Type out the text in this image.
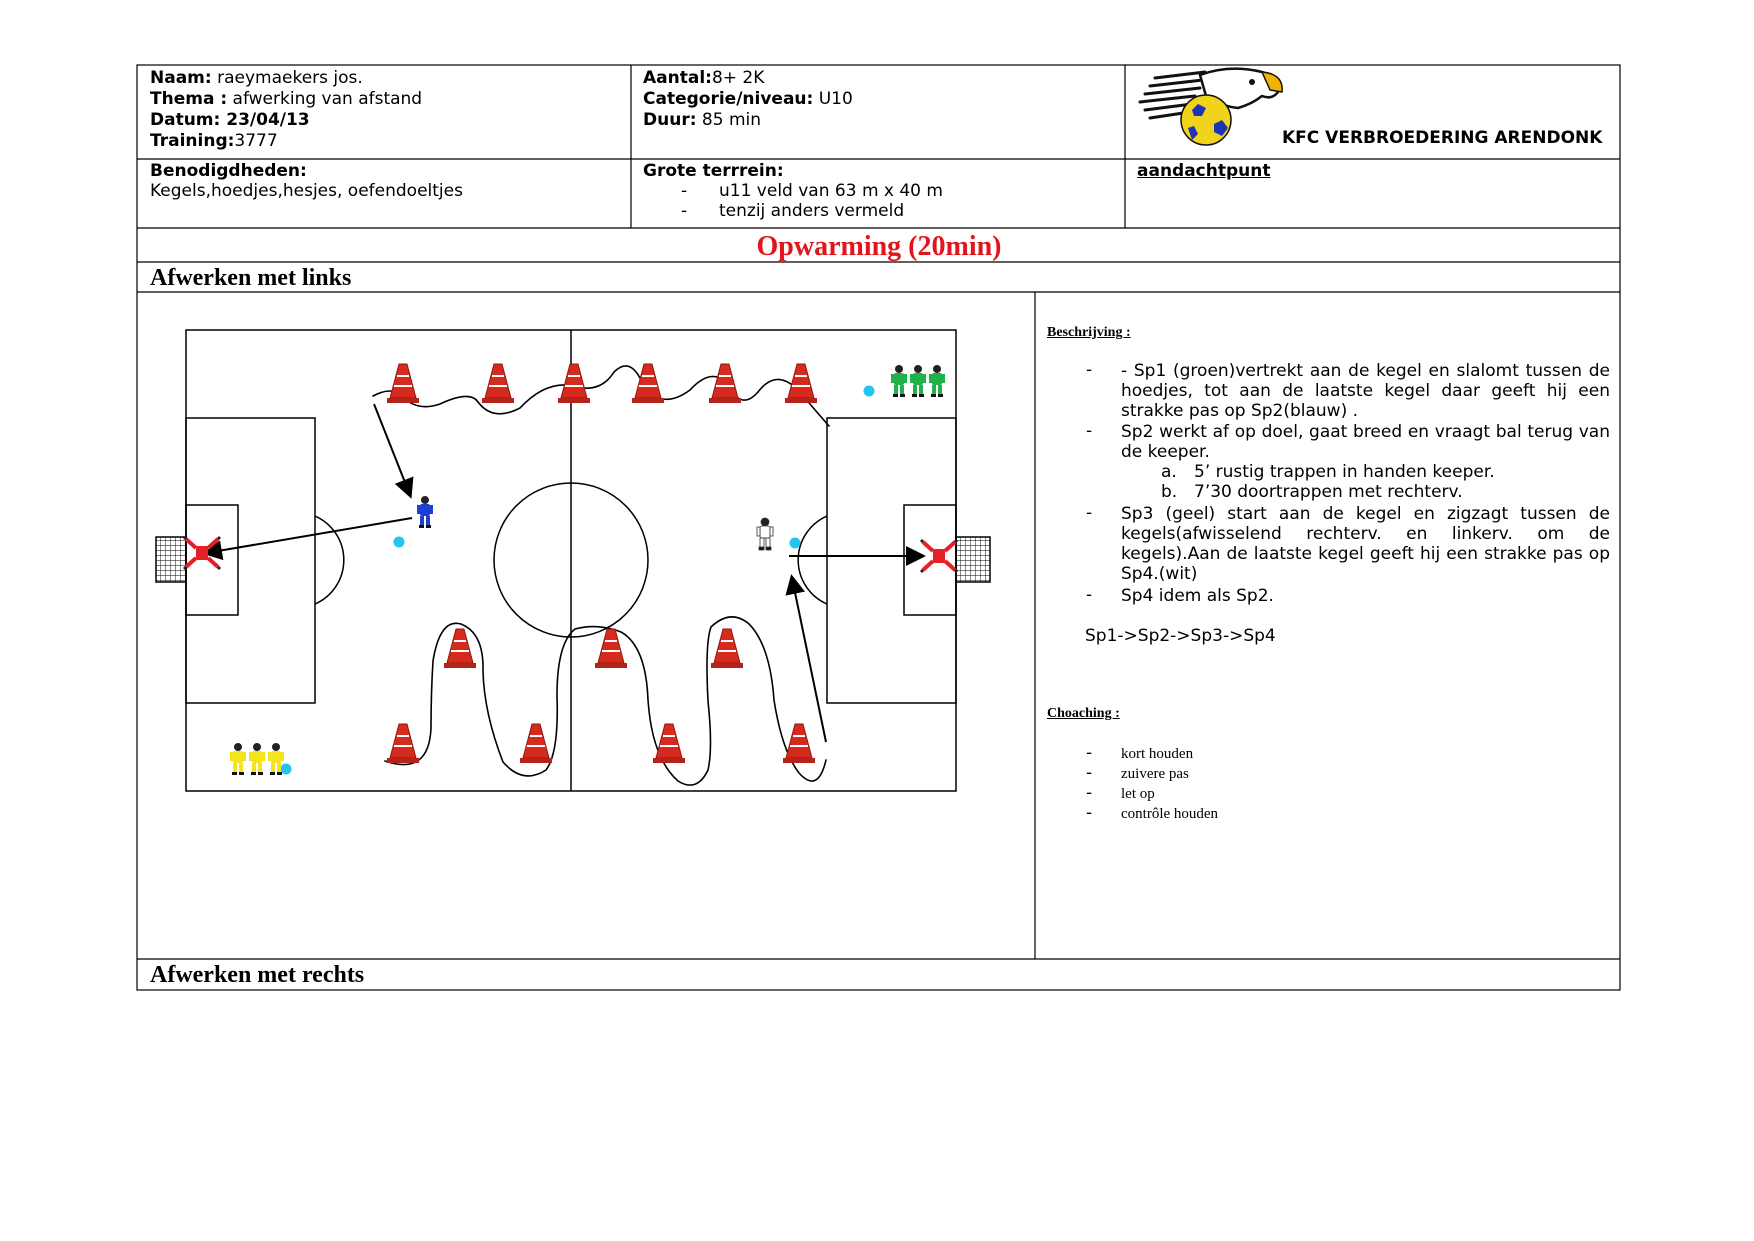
Naam: raeymaekers jos.
Thema : afwerking van afstand
Datum: 23/04/13
Training:3777
Aantal:8+ 2K
Categorie/niveau: U10
Duur: 85 min
KFC VERBROEDERING ARENDONK
Benodigdheden:
Kegels,hoedjes,hesjes, oefendoeltjes
Grote terrrein:
- u11 veld van 63 m x 40 m
- tenzij anders vermeld
aandachtpunt
Opwarming (20min)
Afwerken met links
Afwerken met rechts
Beschrijving :
- - Sp1 (groen)vertrekt aan de kegel en slalomt tussen de
hoedjes, tot aan de laatste kegel daar geeft hij een
strakke pas op Sp2(blauw) .
- Sp2 werkt af op doel, gaat breed en vraagt bal terug van
de keeper.
a. 5’ rustig trappen in handen keeper.
b. 7’30 doortrappen met rechterv.
- Sp3 (geel) start aan de kegel en zigzagt tussen de
kegels(afwisselend rechterv. en linkerv. om de
kegels).Aan de laatste kegel geeft hij een strakke pas op
Sp4.(wit)
- Sp4 idem als Sp2.
Sp1->Sp2->Sp3->Sp4
Choaching :
- kort houden
- zuivere pas
- let op
- contrôle houden
